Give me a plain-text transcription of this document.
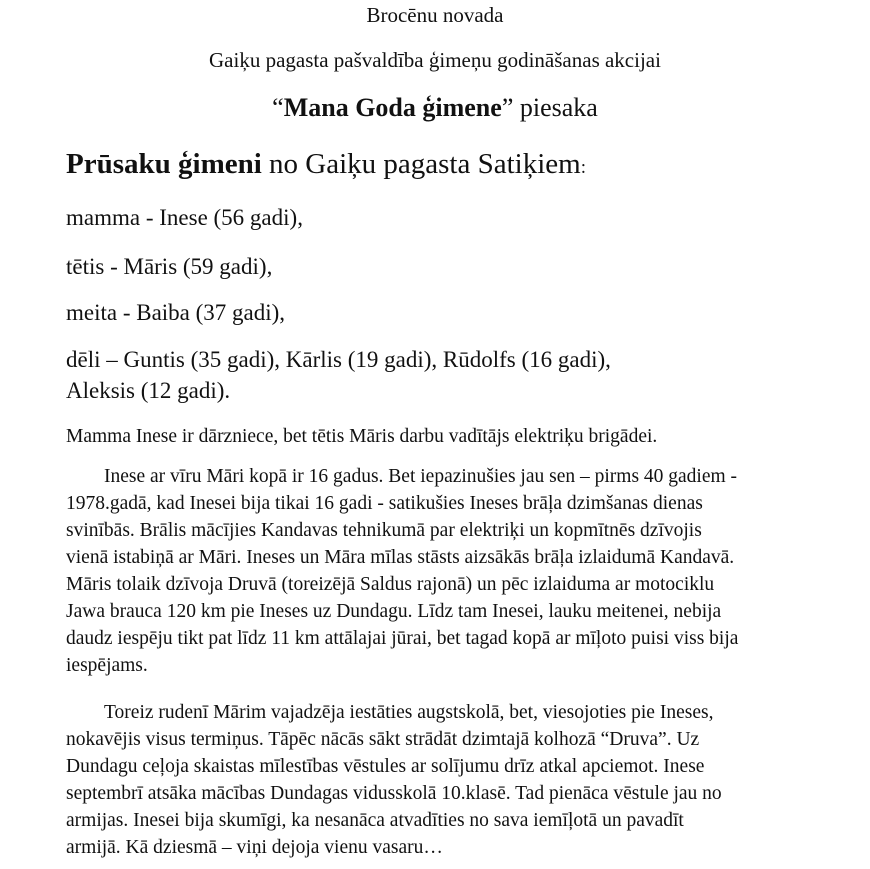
Brocēnu novada
Gaiķu pagasta pašvaldība ģimeņu godināšanas akcijai
“Mana Goda ģimene” piesaka
Prūsaku ģimeni no Gaiķu pagasta Satiķiem:
mamma - Inese (56 gadi),
tētis - Māris (59 gadi),
meita - Baiba (37 gadi),
dēli – Guntis (35 gadi), Kārlis (19 gadi), Rūdolfs (16 gadi),
Aleksis (12 gadi).
Mamma Inese ir dārzniece, bet tētis Māris darbu vadītājs elektriķu brigādei.
Inese ar vīru Māri kopā ir 16 gadus. Bet iepazinušies jau sen – pirms 40 gadiem -
1978.gadā, kad Inesei bija tikai 16 gadi - satikušies Ineses brāļa dzimšanas dienas
svinībās. Brālis mācījies Kandavas tehnikumā par elektriķi un kopmītnēs dzīvojis
vienā istabiņā ar Māri. Ineses un Māra mīlas stāsts aizsākās brāļa izlaidumā Kandavā.
Māris tolaik dzīvoja Druvā (toreizējā Saldus rajonā) un pēc izlaiduma ar motociklu
Jawa brauca 120 km pie Ineses uz Dundagu. Līdz tam Inesei, lauku meitenei, nebija
daudz iespēju tikt pat līdz 11 km attālajai jūrai, bet tagad kopā ar mīļoto puisi viss bija
iespējams.
Toreiz rudenī Mārim vajadzēja iestāties augstskolā, bet, viesojoties pie Ineses,
nokavējis visus termiņus. Tāpēc nācās sākt strādāt dzimtajā kolhozā “Druva”. Uz
Dundagu ceļoja skaistas mīlestības vēstules ar solījumu drīz atkal apciemot. Inese
septembrī atsāka mācības Dundagas vidusskolā 10.klasē. Tad pienāca vēstule jau no
armijas. Inesei bija skumīgi, ka nesanāca atvadīties no sava iemīļotā un pavadīt
armijā. Kā dziesmā – viņi dejoja vienu vasaru…
